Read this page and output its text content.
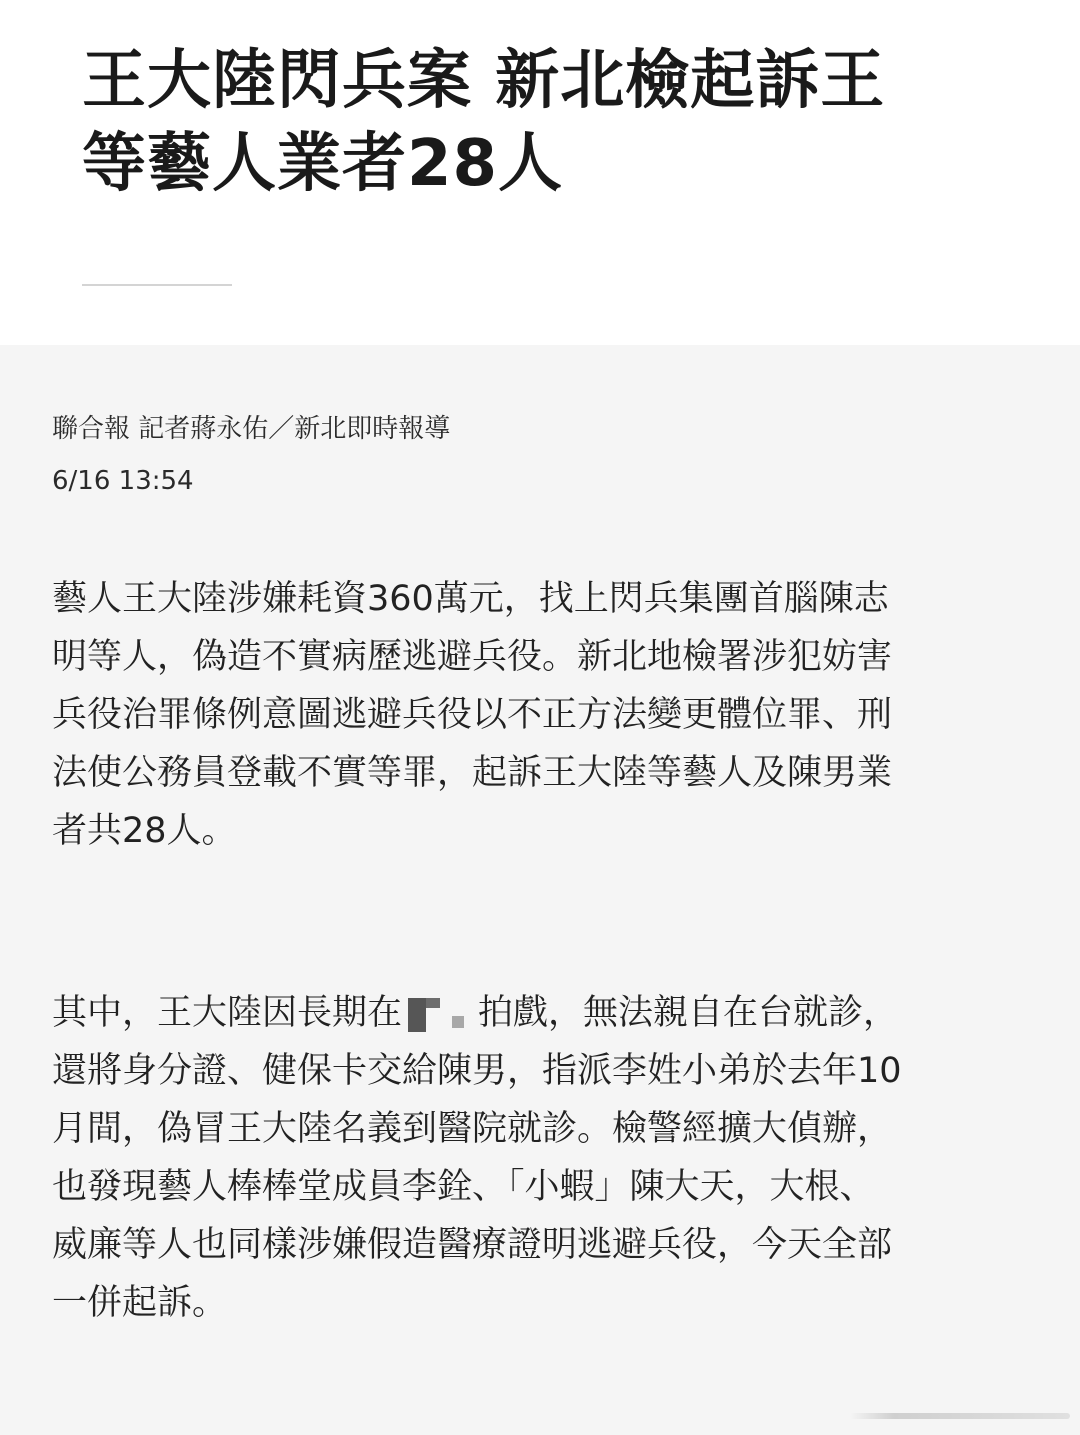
王大陸閃兵案 新北檢起訴王
等藝人業者28人
聯合報 記者蔣永佑／新北即時報導
6/16 13:54
藝人王大陸涉嫌耗資360萬元，找上閃兵集團首腦陳志
明等人，偽造不實病歷逃避兵役。新北地檢署涉犯妨害
兵役治罪條例意圖逃避兵役以不正方法變更體位罪、刑
法使公務員登載不實等罪，起訴王大陸等藝人及陳男業
者共28人。
其中，王大陸因長期在 拍戲，無法親自在台就診，
還將身分證、健保卡交給陳男，指派李姓小弟於去年10
月間，偽冒王大陸名義到醫院就診。檢警經擴大偵辦，
也發現藝人棒棒堂成員李銓、「小蝦」陳大天，大根、
威廉等人也同樣涉嫌假造醫療證明逃避兵役，今天全部
一併起訴。
